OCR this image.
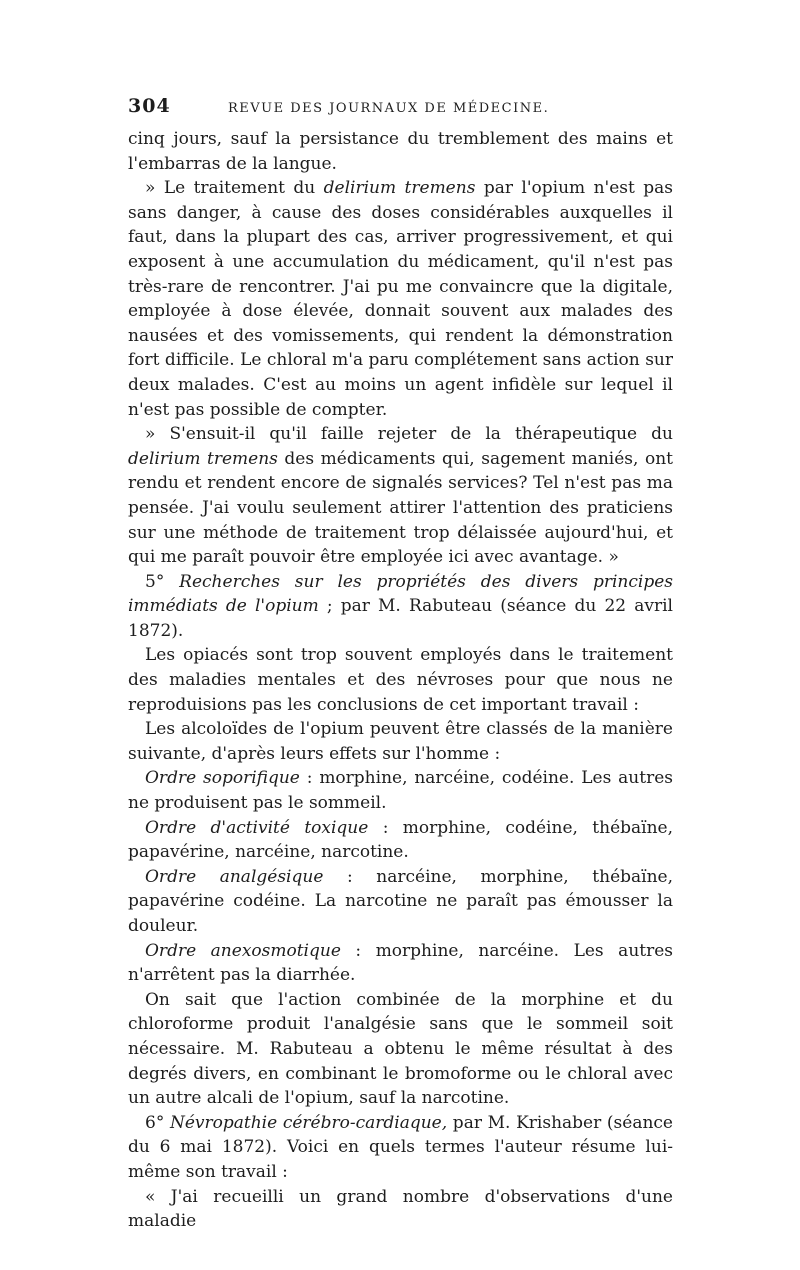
304	REVUE DES JOURNAUX DE MÉDECINE.

cinq jours, sauf la persistance du tremblement des mains et l'embarras de la langue.

» Le traitement du delirium tremens par l'opium n'est pas sans danger, à cause des doses considérables auxquelles il faut, dans la plupart des cas, arriver progressivement, et qui exposent à une accumulation du médicament, qu'il n'est pas très-rare de rencontrer. J'ai pu me convaincre que la digitale, employée à dose élevée, donnait souvent aux malades des nausées et des vomissements, qui rendent la démonstration fort difficile. Le chloral m'a paru complétement sans action sur deux malades. C'est au moins un agent infidèle sur lequel il n'est pas possible de compter.

» S'ensuit-il qu'il faille rejeter de la thérapeutique du delirium tremens des médicaments qui, sagement maniés, ont rendu et rendent encore de signalés services? Tel n'est pas ma pensée. J'ai voulu seulement attirer l'attention des praticiens sur une méthode de traitement trop délaissée aujourd'hui, et qui me paraît pouvoir être employée ici avec avantage. »

5° Recherches sur les propriétés des divers principes immédiats de l'opium ; par M. Rabuteau (séance du 22 avril 1872).

Les opiacés sont trop souvent employés dans le traitement des maladies mentales et des névroses pour que nous ne reproduisions pas les conclusions de cet important travail :

Les alcoloïdes de l'opium peuvent être classés de la manière suivante, d'après leurs effets sur l'homme :

Ordre soporifique : morphine, narcéine, codéine. Les autres ne produisent pas le sommeil.

Ordre d'activité toxique : morphine, codéine, thébaïne, papavérine, narcéine, narcotine.

Ordre analgésique : narcéine, morphine, thébaïne, papavérine codéine. La narcotine ne paraît pas émousser la douleur.

Ordre anexosmotique : morphine, narcéine. Les autres n'arrêtent pas la diarrhée.

On sait que l'action combinée de la morphine et du chloroforme produit l'analgésie sans que le sommeil soit nécessaire. M. Rabuteau a obtenu le même résultat à des degrés divers, en combinant le bromoforme ou le chloral avec un autre alcali de l'opium, sauf la narcotine.

6° Névropathie cérébro-cardiaque, par M. Krishaber (séance du 6 mai 1872). Voici en quels termes l'auteur résume lui-même son travail :

« J'ai recueilli un grand nombre d'observations d'une maladie
